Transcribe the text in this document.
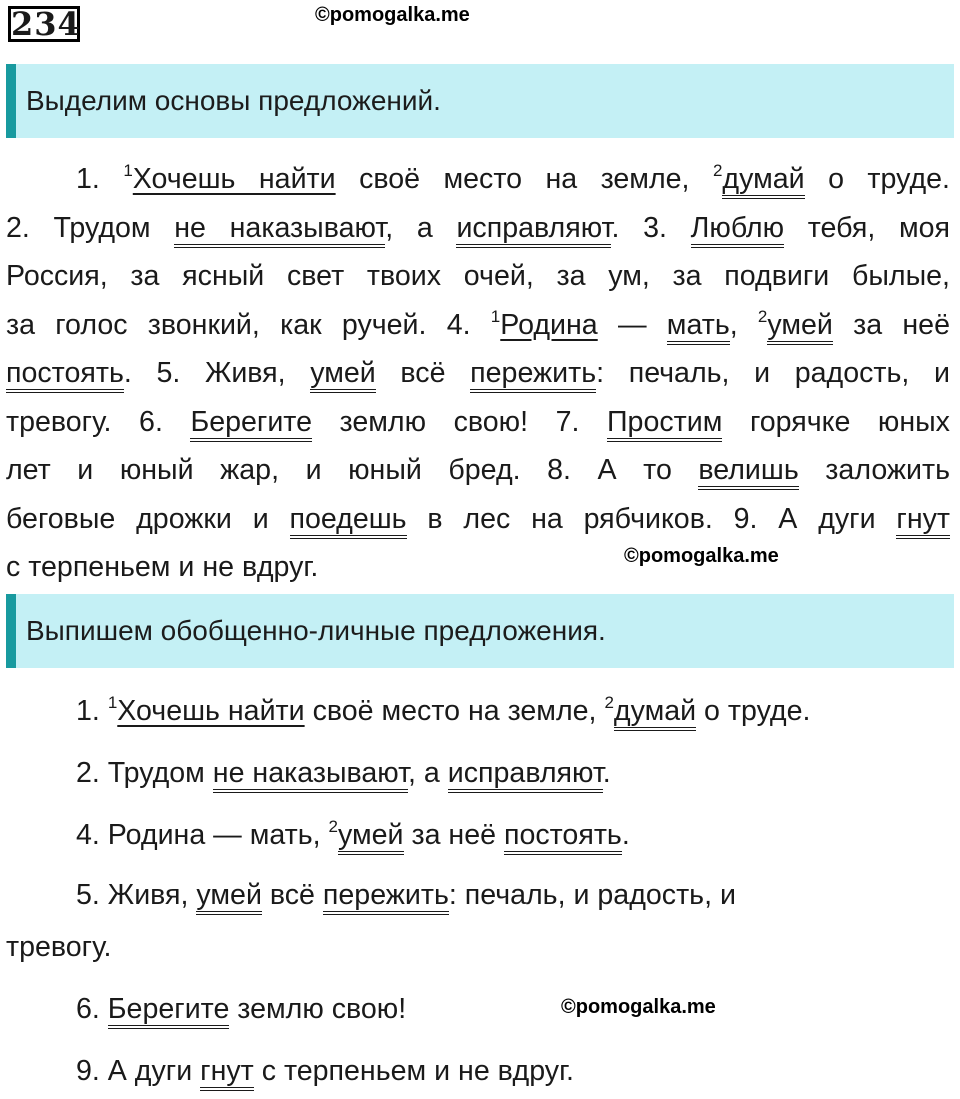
234	©pomogalka.me
Выделим основы предложений.
1. $^1$Хочешь найти своё место на земле, $^2$думай о труде.
2. Трудом не наказывают, а исправляют. 3. Люблю тебя, моя
Россия, за ясный свет твоих очей, за ум, за подвиги былые,
за голос звонкий, как ручей. 4. $^1$Родина — мать, $^2$умей за неё
постоять. 5. Живя, умей всё пережить: печаль, и радость, и
тревогу. 6. Берегите землю свою! 7. Простим горячке юных
лет и юный жар, и юный бред. 8. А то велишь заложить
беговые дрожки и поедешь в лес на рябчиков. 9. А дуги гнут
с терпеньем и не вдруг.	©pomogalka.me
Выпишем обобщенно-личные предложения.
1. $^1$Хочешь найти своё место на земле, $^2$думай о труде.
2. Трудом не наказывают, а исправляют.
4. Родина — мать, $^2$умей за неё постоять.
5. Живя, умей всё пережить: печаль, и радость, и
тревогу.
6. Берегите землю свою!	©pomogalka.me
9. А дуги гнут с терпеньем и не вдруг.
